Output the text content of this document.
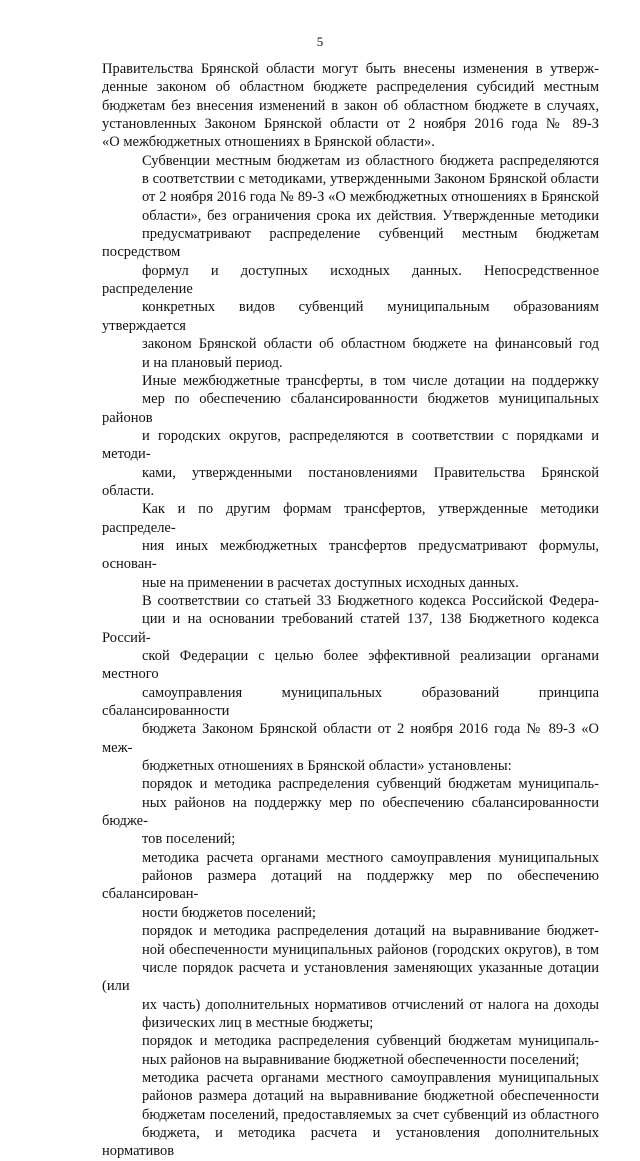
5
Правительства Брянской области могут быть внесены изменения в утверж-
денные законом об областном бюджете распределения субсидий местным
бюджетам без внесения изменений в закон об областном бюджете в случаях,
установленных Законом Брянской области от 2 ноября 2016 года № 89-З
«О межбюджетных отношениях в Брянской области».
Субвенции местным бюджетам из областного бюджета распределяются
в соответствии с методиками, утвержденными Законом Брянской области
от 2 ноября 2016 года № 89-З «О межбюджетных отношениях в Брянской
области», без ограничения срока их действия. Утвержденные методики
предусматривают распределение субвенций местным бюджетам посредством
формул и доступных исходных данных. Непосредственное распределение
конкретных видов субвенций муниципальным образованиям утверждается
законом Брянской области об областном бюджете на финансовый год
и на плановый период.
Иные межбюджетные трансферты, в том числе дотации на поддержку
мер по обеспечению сбалансированности бюджетов муниципальных районов
и городских округов, распределяются в соответствии с порядками и методи-
ками, утвержденными постановлениями Правительства Брянской области.
Как и по другим формам трансфертов, утвержденные методики распределе-
ния иных межбюджетных трансфертов предусматривают формулы, основан-
ные на применении в расчетах доступных исходных данных.
В соответствии со статьей 33 Бюджетного кодекса Российской Федера-
ции и на основании требований статей 137, 138 Бюджетного кодекса Россий-
ской Федерации с целью более эффективной реализации органами местного
самоуправления муниципальных образований принципа сбалансированности
бюджета Законом Брянской области от 2 ноября 2016 года № 89-З «О меж-
бюджетных отношениях в Брянской области» установлены:
порядок и методика распределения субвенций бюджетам муниципаль-
ных районов на поддержку мер по обеспечению сбалансированности бюдже-
тов поселений;
методика расчета органами местного самоуправления муниципальных
районов размера дотаций на поддержку мер по обеспечению сбалансирован-
ности бюджетов поселений;
порядок и методика распределения дотаций на выравнивание бюджет-
ной обеспеченности муниципальных районов (городских округов), в том
числе порядок расчета и установления заменяющих указанные дотации (или
их часть) дополнительных нормативов отчислений от налога на доходы
физических лиц в местные бюджеты;
порядок и методика распределения субвенций бюджетам муниципаль-
ных районов на выравнивание бюджетной обеспеченности поселений;
методика расчета органами местного самоуправления муниципальных
районов размера дотаций на выравнивание бюджетной обеспеченности
бюджетам поселений, предоставляемых за счет субвенций из областного
бюджета, и методика расчета и установления дополнительных нормативов
